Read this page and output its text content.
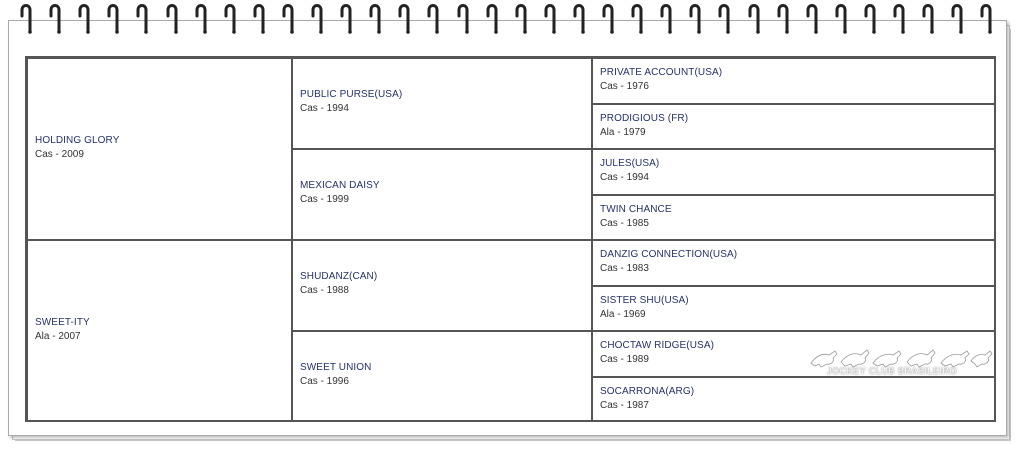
HOLDING GLORY
Cas - 2009
SWEET-ITY
Ala - 2007
PUBLIC PURSE(USA)
Cas - 1994
MEXICAN DAISY
Cas - 1999
SHUDANZ(CAN)
Cas - 1988
SWEET UNION
Cas - 1996
PRIVATE ACCOUNT(USA)
Cas - 1976
PRODIGIOUS (FR)
Ala - 1979
JULES(USA)
Cas - 1994
TWIN CHANCE
Cas - 1985
DANZIG CONNECTION(USA)
Cas - 1983
SISTER SHU(USA)
Ala - 1969
CHOCTAW RIDGE(USA)
Cas - 1989
SOCARRONA(ARG)
Cas - 1987
JOCKEY CLUB BRASILEIRO
